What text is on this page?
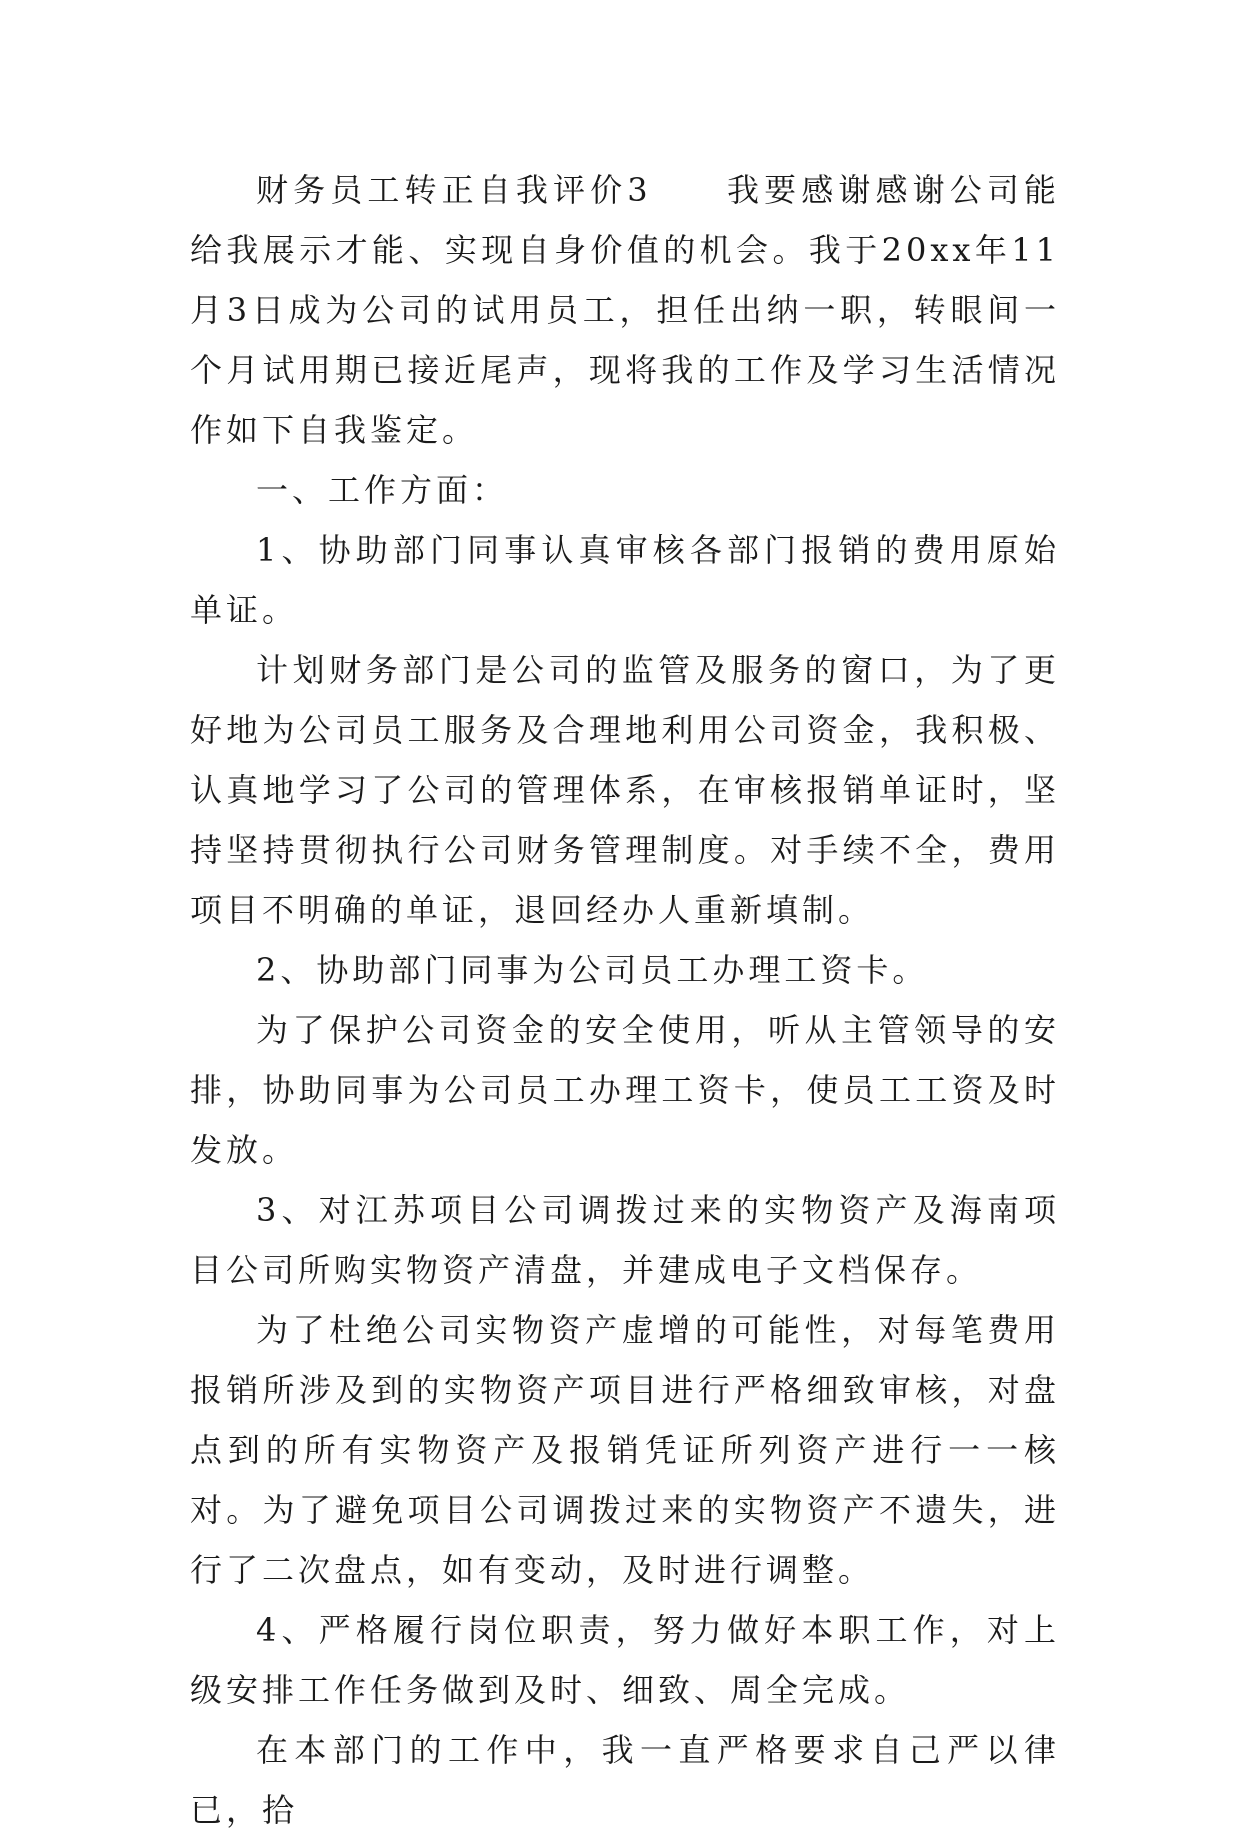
财务员工转正自我评价3　　我要感谢感谢公司能给我展示才能、实现自身价值的机会。我于20xx年11月3日成为公司的试用员工，担任出纳一职，转眼间一个月试用期已接近尾声，现将我的工作及学习生活情况作如下自我鉴定。

一、工作方面：

1、协助部门同事认真审核各部门报销的费用原始单证。

计划财务部门是公司的监管及服务的窗口，为了更好地为公司员工服务及合理地利用公司资金，我积极、认真地学习了公司的管理体系，在审核报销单证时，坚持坚持贯彻执行公司财务管理制度。对手续不全，费用项目不明确的单证，退回经办人重新填制。

2、协助部门同事为公司员工办理工资卡。

为了保护公司资金的安全使用，听从主管领导的安排，协助同事为公司员工办理工资卡，使员工工资及时发放。

3、对江苏项目公司调拨过来的实物资产及海南项目公司所购实物资产清盘，并建成电子文档保存。

为了杜绝公司实物资产虚增的可能性，对每笔费用报销所涉及到的实物资产项目进行严格细致审核，对盘点到的所有实物资产及报销凭证所列资产进行一一核对。为了避免项目公司调拨过来的实物资产不遗失，进行了二次盘点，如有变动，及时进行调整。

4、严格履行岗位职责，努力做好本职工作，对上级安排工作任务做到及时、细致、周全完成。

在本部门的工作中，我一直严格要求自己严以律已，拾
